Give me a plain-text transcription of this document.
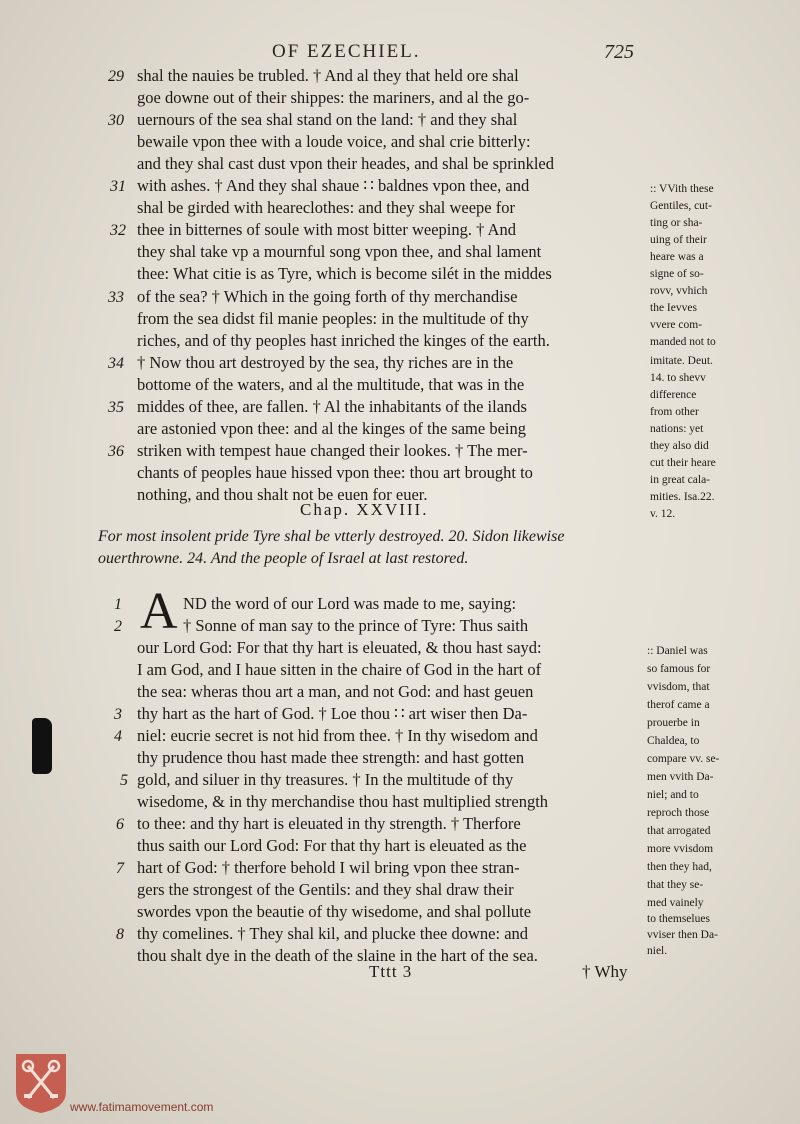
OF EZECHIEL.	725
shal the nauies be trubled. † And al they that held ore shal
goe downe out of their shippes: the mariners, and al the go-
uernours of the sea shal stand on the land: † and they shal
bewaile vpon thee with a loude voice, and shal crie bitterly:
and they shal cast dust vpon their heades, and shal be sprinkled
with ashes. † And they shal shaue ∷ baldnes vpon thee, and
shal be girded with heareclothes: and they shal weepe for
thee in bitternes of soule with most bitter weeping. † And
they shal take vp a mournful song vpon thee, and shal lament
thee: What citie is as Tyre, which is become silét in the middes
of the sea? † Which in the going forth of thy merchandise
from the sea didst fil manie peoples: in the multitude of thy
riches, and of thy peoples hast inriched the kinges of the earth.
† Now thou art destroyed by the sea, thy riches are in the
bottome of the waters, and al the multitude, that was in the
middes of thee, are fallen. † Al the inhabitants of the ilands
are astonied vpon thee: and al the kinges of the same being
striken with tempest haue changed their lookes. † The mer-
chants of peoples haue hissed vpon thee: thou art brought to
nothing, and thou shalt not be euen for euer.
29
30
31
32
33
34
35
36
:: VVith these
Gentiles, cut-
ting or sha-
uing of their
heare was a
signe of so-
rovv, vvhich
the Ievves
vvere com-
manded not to
imitate. Deut.
14. to shevv
difference
from other
nations: yet
they also did
cut their heare
in great cala-
mities. Isa.22.
v. 12.
Chap. XXVIII.
For most insolent pride Tyre shal be vtterly destroyed. 20. Sidon likewise
ouerthrowne. 24. And the people of Israel at last restored.
A ND the word of our Lord was made to me, saying:
† Sonne of man say to the prince of Tyre: Thus saith
our Lord God: For that thy hart is eleuated, & thou hast sayd:
I am God, and I haue sitten in the chaire of God in the hart of
the sea: wheras thou art a man, and not God: and hast geuen
thy hart as the hart of God. † Loe thou ∷ art wiser then Da-
niel: eucrie secret is not hid from thee. † In thy wisedom and
thy prudence thou hast made thee strength: and hast gotten
gold, and siluer in thy treasures. † In the multitude of thy
wisedome, & in thy merchandise thou hast multiplied strength
to thee: and thy hart is eleuated in thy strength. † Therfore
thus saith our Lord God: For that thy hart is eleuated as the
hart of God: † therfore behold I wil bring vpon thee stran-
gers the strongest of the Gentils: and they shal draw their
swordes vpon the beautie of thy wisedome, and shal pollute
thy comelines. † They shal kil, and plucke thee downe: and
thou shalt dye in the death of the slaine in the hart of the sea.
1
2
3
4
5
6
7
8
:: Daniel was
so famous for
vvisdom, that
therof came a
prouerbe in
Chaldea, to
compare vv. se-
men vvith Da-
niel; and to
reproch those
that arrogated
more vvisdom
then they had,
that they se-
med vainely
to themselues
vviser then Da-
niel.
Tttt 3	† Why
www.fatimamovement.com
